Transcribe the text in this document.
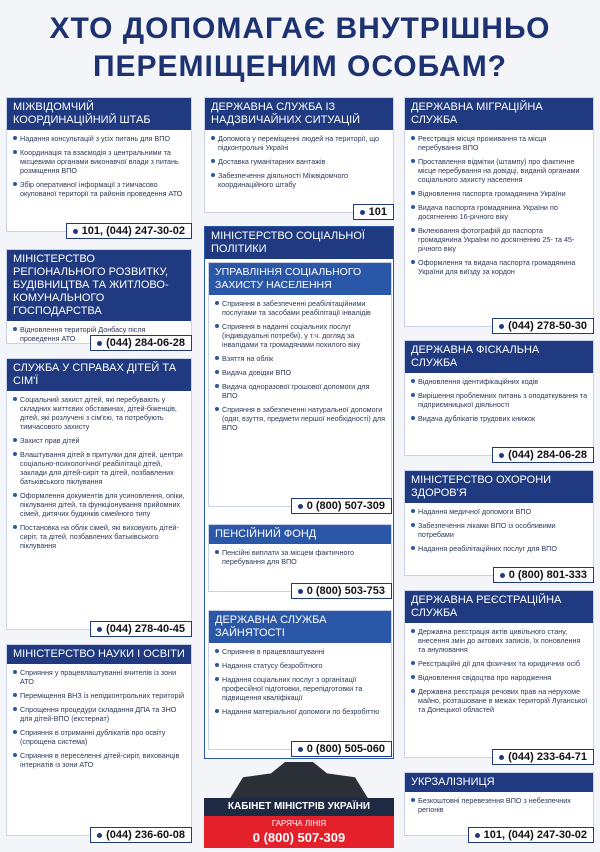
ХТО ДОПОМАГАЄ ВНУТРІШНЬО
ПЕРЕМІЩЕНИМ ОСОБАМ?
МІЖВІДОМЧИЙ КООРДИНАЦІЙНИЙ ШТАБ
Надання консультацій з усіх питань для ВПО
Координація та взаємодія з центральними та місцевими органами виконавчої влади з питань розміщення ВПО
Збір оперативної інформації з тимчасово окупованої території та районів проведення АТО
101, (044) 247-30-02
МІНІСТЕРСТВО РЕГІОНАЛЬНОГО РОЗВИТКУ, БУДІВНИЦТВА ТА ЖИТЛОВО-КОМУНАЛЬНОГО ГОСПОДАРСТВА
Відновлення територій Донбасу після проведення АТО	(044) 284-06-28
СЛУЖБА У СПРАВАХ ДІТЕЙ ТА СІМ'Ї
Соціальний захист дітей, які перебувають у складних життєвих обставинах, дітей-біженців, дітей, які розлучені з сім'єю, та потребують тимчасового захисту
Захист прав дітей
Влаштування дітей в притулки для дітей, центри соціально-психологічної реабілітації дітей, заклади для дітей-сиріт та дітей, позбавлених батьківського піклування
Оформлення документів для усиновлення, опіки, піклування дітей, та функціонування прийомних сімей, дитячих будинків сімейного типу
Постановка на облік сімей, які виховують дітей-сиріт, та дітей, позбавлених батьківського піклування
(044) 278-40-45
МІНІСТЕРСТВО НАУКИ І ОСВІТИ
Сприяння у працевлаштуванні вчителів із зони АТО
Переміщення ВНЗ із непідконтрольних територій
Спрощення процедури складання ДПА та ЗНО для дітей-ВПО (екстернат)
Сприяння в отриманні дублікатів про освіту (спрощена система)
Сприяння в переселенні дітей-сиріт, вихованців інтернатів із зони АТО
(044) 236-60-08
ДЕРЖАВНА СЛУЖБА ІЗ НАДЗВИЧАЙНИХ СИТУАЦІЙ
Допомога у переміщенні людей на території, що підконтрольні Україні
Доставка гуманітарних вантажів
Забезпечення діяльності Міжвідомчого координаційного штабу
101
МІНІСТЕРСТВО СОЦІАЛЬНОЇ ПОЛІТИКИ
УПРАВЛІННЯ СОЦІАЛЬНОГО ЗАХИСТУ НАСЕЛЕННЯ
Сприяння в забезпеченні реабілітаційними послугами та засобами реабілітації інвалідів
Сприяння в наданні соціальних послуг (індивідуальні потреби), у т.ч. догляд за інвалідами та громадянами похилого віку
Взяття на облік
Видача довідки ВПО
Видача одноразової грошової допомоги для ВПО
Сприяння в забезпеченні натуральної допомоги (одяг, взуття, предмети першої необхідності) для ВПО
0 (800) 507-309
ПЕНСІЙНИЙ ФОНД
Пенсійні виплати за місцем фактичного перебування для ВПО
0 (800) 503-753
ДЕРЖАВНА СЛУЖБА ЗАЙНЯТОСТІ
Сприяння в працевлаштуванні
Надання статусу безробітного
Надання соціальних послуг з організації професійної підготовки, перепідготовки та підвищення кваліфікації
Надання матеріальної допомоги по безробіттю
0 (800) 505-060
КАБІНЕТ МІНІСТРІВ УКРАЇНИ
ГАРЯЧА ЛІНІЯ
0 (800) 507-309
ДЕРЖАВНА МІГРАЦІЙНА СЛУЖБА
Реєстрація місця проживання та місця перебування ВПО
Проставлення відмітки (штампу) про фактичне місце перебування на довідці, виданій органами соціального захисту населення
Відновлення паспорта громадянина України
Видача паспорта громадянина України по досягненню 16-річного віку
Вклеювання фотографій до паспорта громадянина України по досягненню 25- та 45-річного віку
Оформлення та видача паспорта громадянина України для виїзду за кордон
(044) 278-50-30
ДЕРЖАВНА ФІСКАЛЬНА СЛУЖБА
Відновлення ідентифікаційних кодів
Вирішення проблемних питань з оподаткування та підприємницької діяльності
Видача дублікатів трудових книжок
(044) 284-06-28
МІНІСТЕРСТВО ОХОРОНИ ЗДОРОВ'Я
Надання медичної допомоги ВПО
Забезпечення ліками ВПО із особливими потребами
Надання реабілітаційних послуг для ВПО
0 (800) 801-333
ДЕРЖАВНА РЕЄСТРАЦІЙНА СЛУЖБА
Державна реєстрація актів цивільного стану, внесення змін до актових записів, їх поновлення та анулювання
Реєстраційні дії для фізичних та юридичних осіб
Відновлення свідоцтва про народження
Державна реєстрація речових прав на нерухоме майно, розташоване в межах територій Луганської та Донецької областей
(044) 233-64-71
УКРЗАЛІЗНИЦЯ
Безкоштовні перевезення ВПО з небезпечних регіонів
101, (044) 247-30-02
